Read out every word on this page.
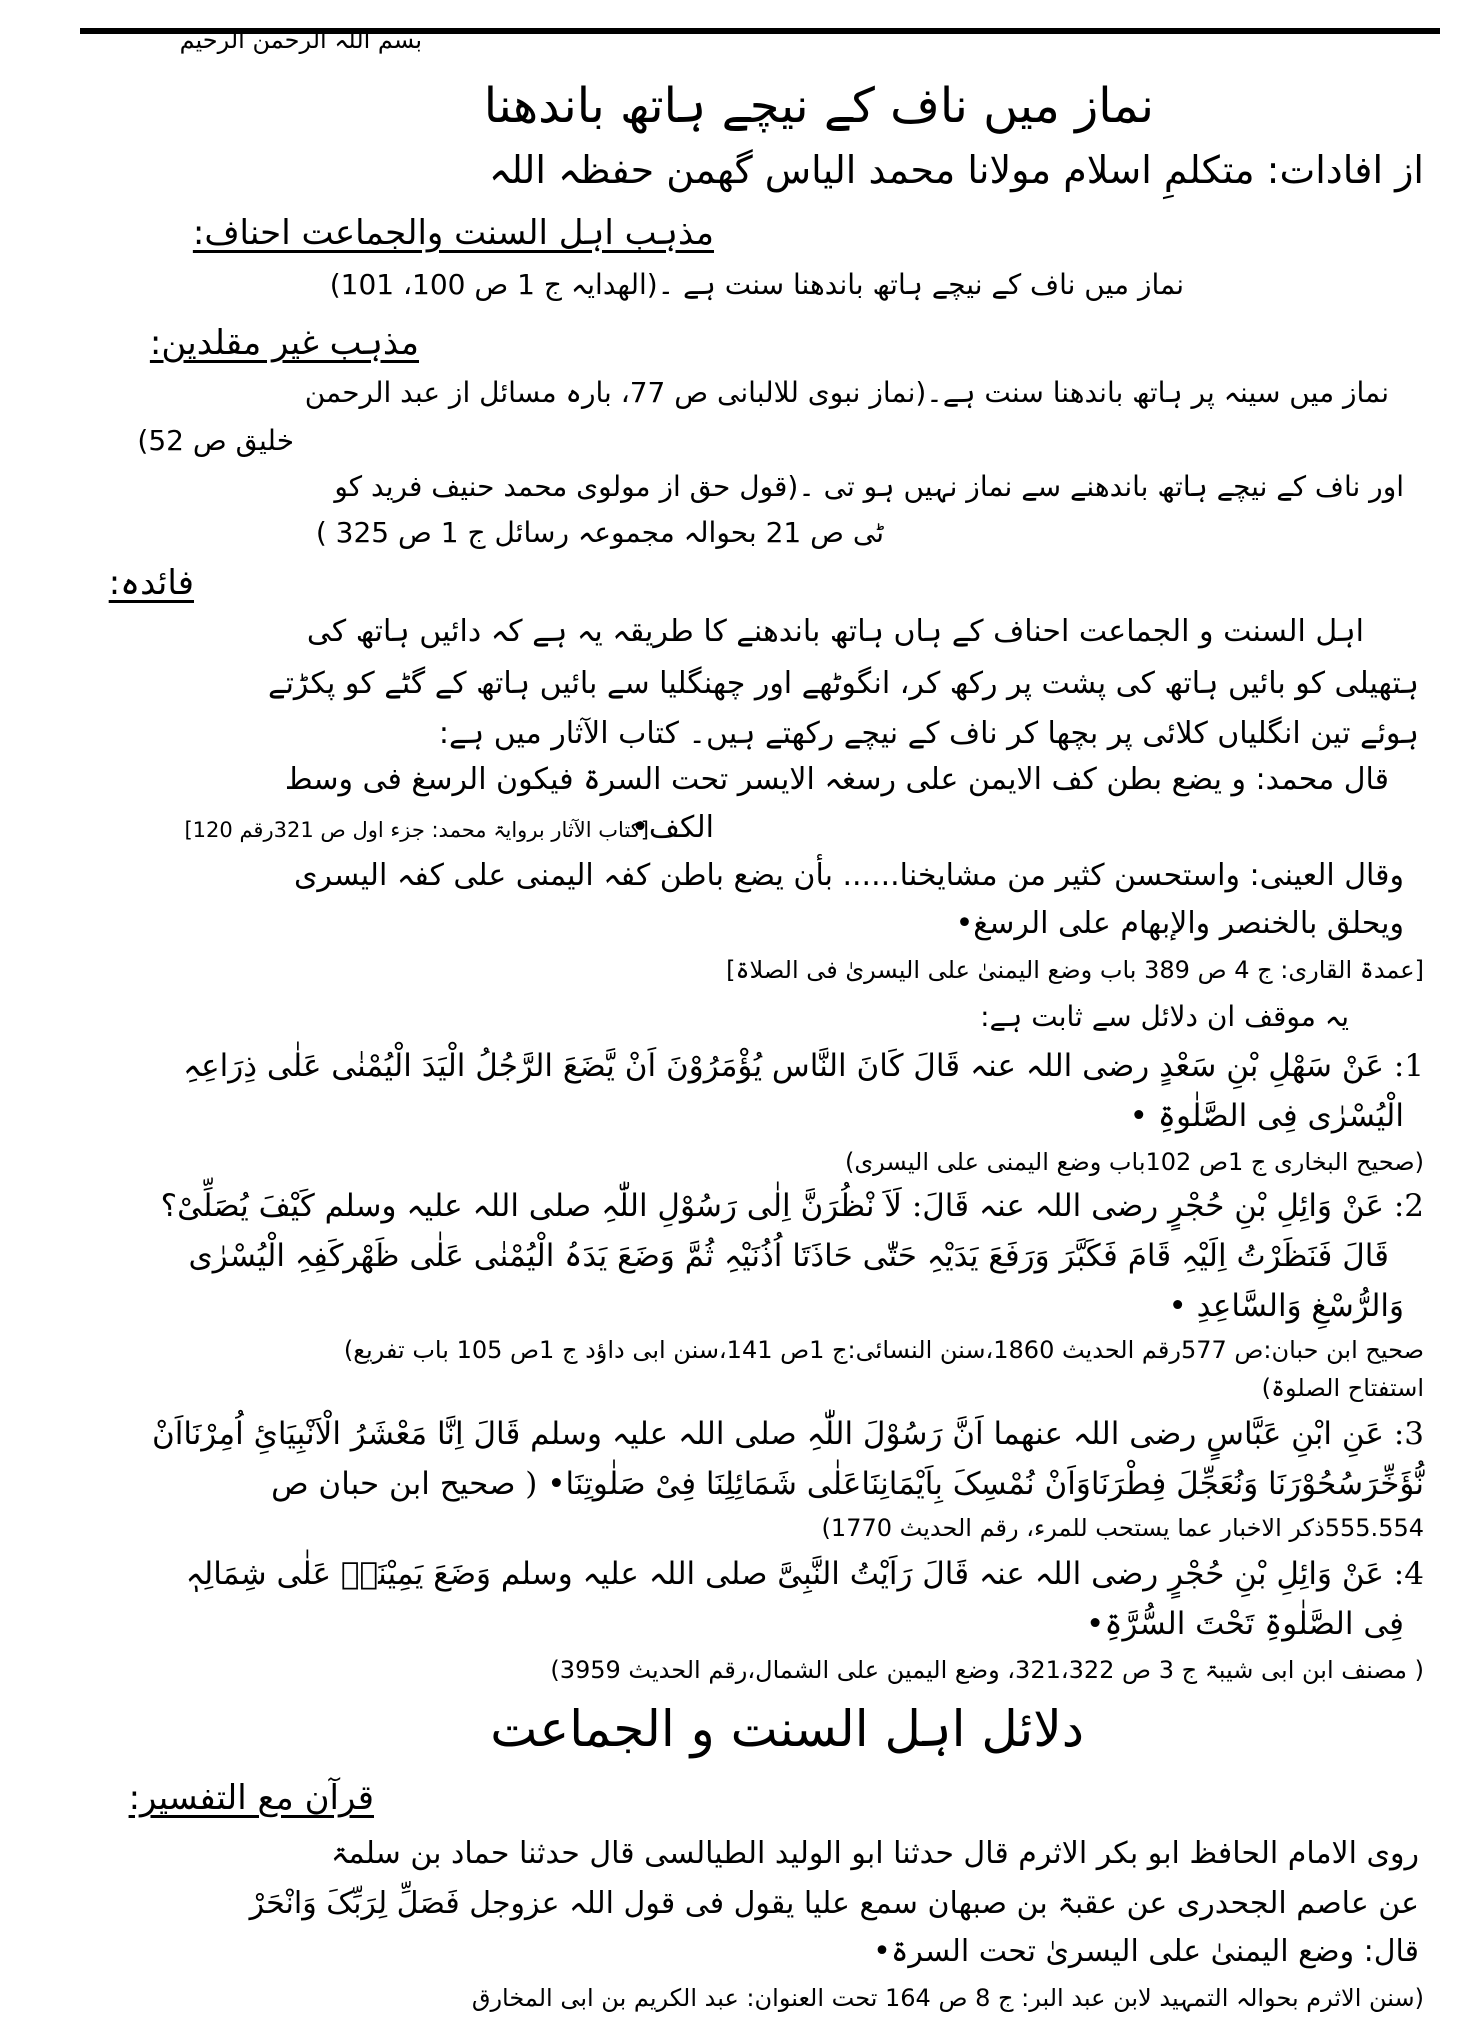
بسم اللہ الرحمن الرحیم
نماز میں ناف کے نیچے ہاتھ باندھنا
از افادات: متکلمِ اسلام مولانا محمد الیاس گھمن حفظہ اللہ
مذہب اہل السنت والجماعت احناف:
نماز میں ناف کے نیچے ہاتھ باندھنا سنت ہے ۔(الھدایہ ج 1 ص 100، 101)
مذہب غیر مقلدین:
نماز میں سینہ پر ہاتھ باندھنا سنت ہے۔(نماز نبوی للالبانی ص 77، بارہ مسائل از عبد الرحمن
خلیق ص 52)
اور ناف کے نیچے ہاتھ باندھنے سے نماز نہیں ہو تی ۔(قول حق از مولوی محمد حنیف فرید کو
ٹی ص 21 بحوالہ مجموعہ رسائل ج 1 ص 325 )
فائدہ:
اہل السنت و الجماعت احناف کے ہاں ہاتھ باندھنے کا طریقہ یہ ہے کہ دائیں ہاتھ کی
ہتھیلی کو بائیں ہاتھ کی پشت پر رکھ کر، انگوٹھے اور چھنگلیا سے بائیں ہاتھ کے گٹے کو پکڑتے
ہوئے تین انگلیاں کلائی پر بچھا کر ناف کے نیچے رکھتے ہیں۔ کتاب الآثار میں ہے:
قال محمد: و یضع بطن کف الایمن علی رسغہ الایسر تحت السرۃ فیکون الرسغ فی وسط
الکف•
[کتاب الآثار بروایۃ محمد: جزء اول ص 321رقم 120]
وقال العینی: واستحسن کثیر من مشایخنا...... بأن یضع باطن کفہ الیمنی علی کفہ الیسری
ویحلق بالخنصر والإبهام علی الرسغ•
[عمدۃ القاری: ج 4 ص 389 باب وضع الیمنیٰ علی الیسریٰ فی الصلاۃ]
یہ موقف ان دلائل سے ثابت ہے:
1: عَنْ سَھْلِ بْنِ سَعْدٍ رضی اللہ عنہ قَالَ کَانَ النَّاس یُؤْمَرُوْنَ اَنْ یَّضَعَ الرَّجُلُ الْیَدَ الْیُمْنٰی عَلٰی ذِرَاعِہِ
الْیُسْرٰی فِی الصَّلٰوۃِ •
(صحیح البخاری ج 1ص 102باب وضع الیمنی علی الیسری)
2: عَنْ وَائِلِ بْنِ حُجْرٍ رضی اللہ عنہ قَالَ: لَاَ نْظُرَنَّ اِلٰی رَسُوْلِ اللّٰہِ صلی اللہ علیہ وسلم کَیْفَ یُصَلِّیْ؟
قَالَ فَنَظَرْتُ اِلَیْہِ قَامَ فَکَبَّرَ وَرَفَعَ یَدَیْہِ حَتّٰی حَاذَتَا اُذُنَیْہِ ثُمَّ وَضَعَ یَدَہُ الْیُمْنٰی عَلٰی ظَھْرکَفِہِ الْیُسْرٰی
وَالرُّسْغِ وَالسَّاعِدِ •
صحیح ابن حبان:ص 577رقم الحدیث 1860،سنن النسائی:ج 1ص 141،سنن ابی داؤد ج 1ص 105 باب تفریع)
استفتاح الصلوۃ)
3: عَنِ ابْنِ عَبَّاسٍ رضی اللہ عنھما اَنَّ رَسُوْلَ اللّٰہِ صلی اللہ علیہ وسلم قَالَ اِنَّا مَعْشَرُ الْاَنْبِیَائِ اُمِرْنَااَنْ
نُّؤَخِّرَسُحُوْرَنَا وَنُعَجِّلَ فِطْرَنَاوَاَنْ نُمْسِکَ بِاَیْمَانِنَاعَلٰی شَمَائِلِنَا فِیْ صَلٰوتِنَا• ( صحیح ابن حبان ص
555.554ذکر الاخبار عما یستحب للمرء، رقم الحدیث 1770)
4: عَنْ وَائِلِ بْنِ حُجْرٍ رضی اللہ عنہ قَالَ رَاَیْتُ النَّبِیَّ صلی اللہ علیہ وسلم وَضَعَ یَمِیْنَہٗ عَلٰی شِمَالِہٖ
فِی الصَّلٰوۃِ تَحْتَ السُّرَّۃِ•
( مصنف ابن ابی شیبۃ ج 3 ص 321،322، وضع الیمین علی الشمال،رقم الحدیث 3959)
دلائل اہل السنت و الجماعت
قرآن مع التفسیر:
روی الامام الحافظ ابو بکر الاثرم قال حدثنا ابو الولید الطیالسی قال حدثنا حماد بن سلمۃ
عن عاصم الجحدری عن عقبۃ بن صبھان سمع علیا یقول فی قول اللہ عزوجل فَصَلِّ لِرَبِّکَ وَانْحَرْ
قال: وضع الیمنیٰ علی الیسریٰ تحت السرۃ•
(سنن الاثرم بحوالہ التمہید لابن عبد البر: ج 8 ص 164 تحت العنوان: عبد الکریم بن ابی المخارق
